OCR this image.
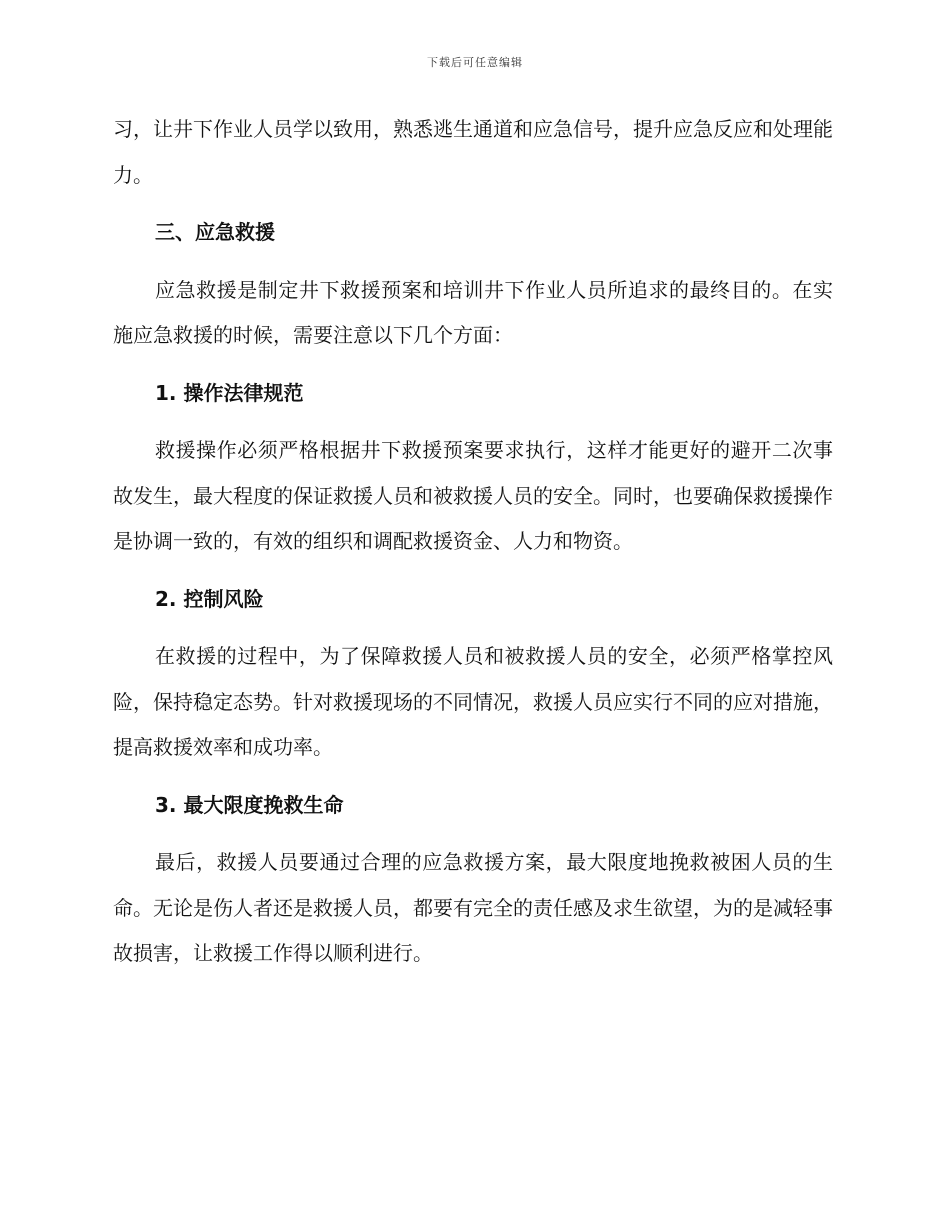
下载后可任意编辑

习，让井下作业人员学以致用，熟悉逃生通道和应急信号，提升应急反应和处理能力。

三、应急救援

应急救援是制定井下救援预案和培训井下作业人员所追求的最终目的。在实施应急救援的时候，需要注意以下几个方面：

1. 操作法律规范

救援操作必须严格根据井下救援预案要求执行，这样才能更好的避开二次事故发生，最大程度的保证救援人员和被救援人员的安全。同时，也要确保救援操作是协调一致的，有效的组织和调配救援资金、人力和物资。

2. 控制风险

在救援的过程中，为了保障救援人员和被救援人员的安全，必须严格掌控风险，保持稳定态势。针对救援现场的不同情况，救援人员应实行不同的应对措施，提高救援效率和成功率。

3. 最大限度挽救生命

最后，救援人员要通过合理的应急救援方案，最大限度地挽救被困人员的生命。无论是伤人者还是救援人员，都要有完全的责任感及求生欲望，为的是减轻事故损害，让救援工作得以顺利进行。
